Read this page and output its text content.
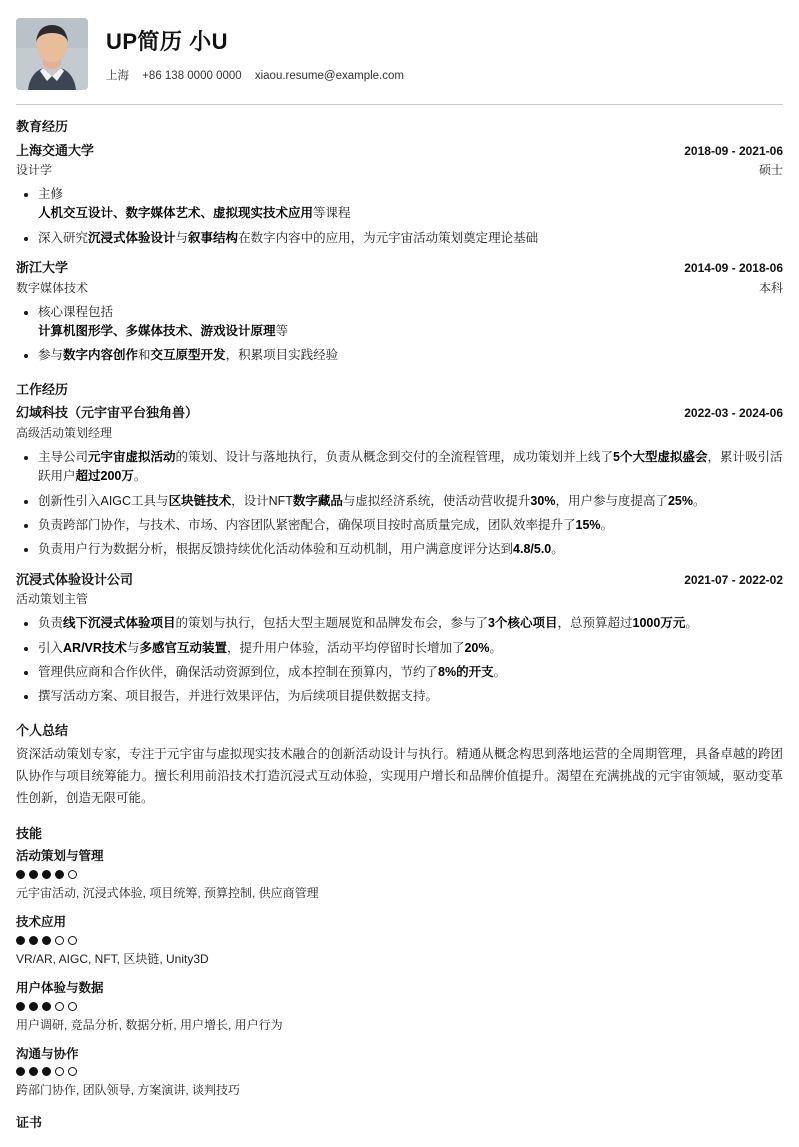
UP简历 小U
上海 +86 138 0000 0000 xiaou.resume@example.com
教育经历
上海交通大学	2018-09 - 2021-06
设计学	硕士
• 主修
人机交互设计、数字媒体艺术、虚拟现实技术应用等课程
• 深入研究沉浸式体验设计与叙事结构在数字内容中的应用，为元宇宙活动策划奠定理论基础
浙江大学	2014-09 - 2018-06
数字媒体技术	本科
• 核心课程包括
计算机图形学、多媒体技术、游戏设计原理等
• 参与数字内容创作和交互原型开发，积累项目实践经验
工作经历
幻域科技（元宇宙平台独角兽）	2022-03 - 2024-06
高级活动策划经理
• 主导公司元宇宙虚拟活动的策划、设计与落地执行，负责从概念到交付的全流程管理，成功策划并上线了5个大型虚拟盛会，累计吸引活跃用户超过200万。
• 创新性引入AIGC工具与区块链技术，设计NFT数字藏品与虚拟经济系统，使活动营收提升30%，用户参与度提高了25%。
• 负责跨部门协作，与技术、市场、内容团队紧密配合，确保项目按时高质量完成，团队效率提升了15%。
• 负责用户行为数据分析，根据反馈持续优化活动体验和互动机制，用户满意度评分达到4.8/5.0。
沉浸式体验设计公司	2021-07 - 2022-02
活动策划主管
• 负责线下沉浸式体验项目的策划与执行，包括大型主题展览和品牌发布会，参与了3个核心项目，总预算超过1000万元。
• 引入AR/VR技术与多感官互动装置，提升用户体验，活动平均停留时长增加了20%。
• 管理供应商和合作伙伴，确保活动资源到位，成本控制在预算内，节约了8%的开支。
• 撰写活动方案、项目报告，并进行效果评估，为后续项目提供数据支持。
个人总结
资深活动策划专家，专注于元宇宙与虚拟现实技术融合的创新活动设计与执行。精通从概念构思到落地运营的全周期管理，具备卓越的跨团队协作与项目统筹能力。擅长利用前沿技术打造沉浸式互动体验，实现用户增长和品牌价值提升。渴望在充满挑战的元宇宙领域，驱动变革性创新，创造无限可能。
技能
活动策划与管理
元宇宙活动, 沉浸式体验, 项目统筹, 预算控制, 供应商管理
技术应用
VR/AR, AIGC, NFT, 区块链, Unity3D
用户体验与数据
用户调研, 竞品分析, 数据分析, 用户增长, 用户行为
沟通与协作
跨部门协作, 团队领导, 方案演讲, 谈判技巧
证书
